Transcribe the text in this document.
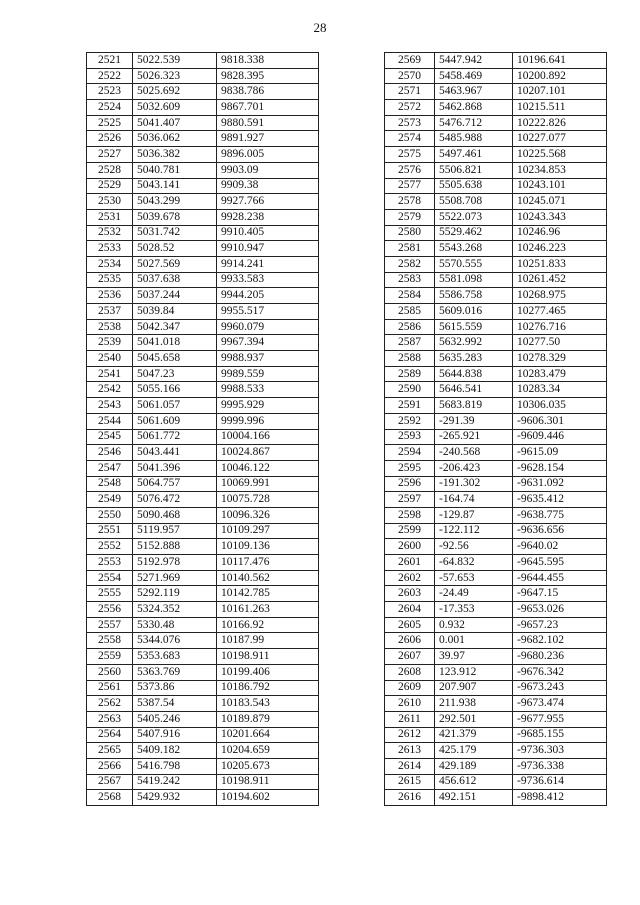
28
2521	5022.539	9818.338
2522	5026.323	9828.395
2523	5025.692	9838.786
2524	5032.609	9867.701
2525	5041.407	9880.591
2526	5036.062	9891.927
2527	5036.382	9896.005
2528	5040.781	9903.09
2529	5043.141	9909.38
2530	5043.299	9927.766
2531	5039.678	9928.238
2532	5031.742	9910.405
2533	5028.52	9910.947
2534	5027.569	9914.241
2535	5037.638	9933.583
2536	5037.244	9944.205
2537	5039.84	9955.517
2538	5042.347	9960.079
2539	5041.018	9967.394
2540	5045.658	9988.937
2541	5047.23	9989.559
2542	5055.166	9988.533
2543	5061.057	9995.929
2544	5061.609	9999.996
2545	5061.772	10004.166
2546	5043.441	10024.867
2547	5041.396	10046.122
2548	5064.757	10069.991
2549	5076.472	10075.728
2550	5090.468	10096.326
2551	5119.957	10109.297
2552	5152.888	10109.136
2553	5192.978	10117.476
2554	5271.969	10140.562
2555	5292.119	10142.785
2556	5324.352	10161.263
2557	5330.48	10166.92
2558	5344.076	10187.99
2559	5353.683	10198.911
2560	5363.769	10199.406
2561	5373.86	10186.792
2562	5387.54	10183.543
2563	5405.246	10189.879
2564	5407.916	10201.664
2565	5409.182	10204.659
2566	5416.798	10205.673
2567	5419.242	10198.911
2568	5429.932	10194.602
2569	5447.942	10196.641
2570	5458.469	10200.892
2571	5463.967	10207.101
2572	5462.868	10215.511
2573	5476.712	10222.826
2574	5485.988	10227.077
2575	5497.461	10225.568
2576	5506.821	10234.853
2577	5505.638	10243.101
2578	5508.708	10245.071
2579	5522.073	10243.343
2580	5529.462	10246.96
2581	5543.268	10246.223
2582	5570.555	10251.833
2583	5581.098	10261.452
2584	5586.758	10268.975
2585	5609.016	10277.465
2586	5615.559	10276.716
2587	5632.992	10277.50
2588	5635.283	10278.329
2589	5644.838	10283.479
2590	5646.541	10283.34
2591	5683.819	10306.035
2592	-291.39	-9606.301
2593	-265.921	-9609.446
2594	-240.568	-9615.09
2595	-206.423	-9628.154
2596	-191.302	-9631.092
2597	-164.74	-9635.412
2598	-129.87	-9638.775
2599	-122.112	-9636.656
2600	-92.56	-9640.02
2601	-64.832	-9645.595
2602	-57.653	-9644.455
2603	-24.49	-9647.15
2604	-17.353	-9653.026
2605	0.932	-9657.23
2606	0.001	-9682.102
2607	39.97	-9680.236
2608	123.912	-9676.342
2609	207.907	-9673.243
2610	211.938	-9673.474
2611	292.501	-9677.955
2612	421.379	-9685.155
2613	425.179	-9736.303
2614	429.189	-9736.338
2615	456.612	-9736.614
2616	492.151	-9898.412
